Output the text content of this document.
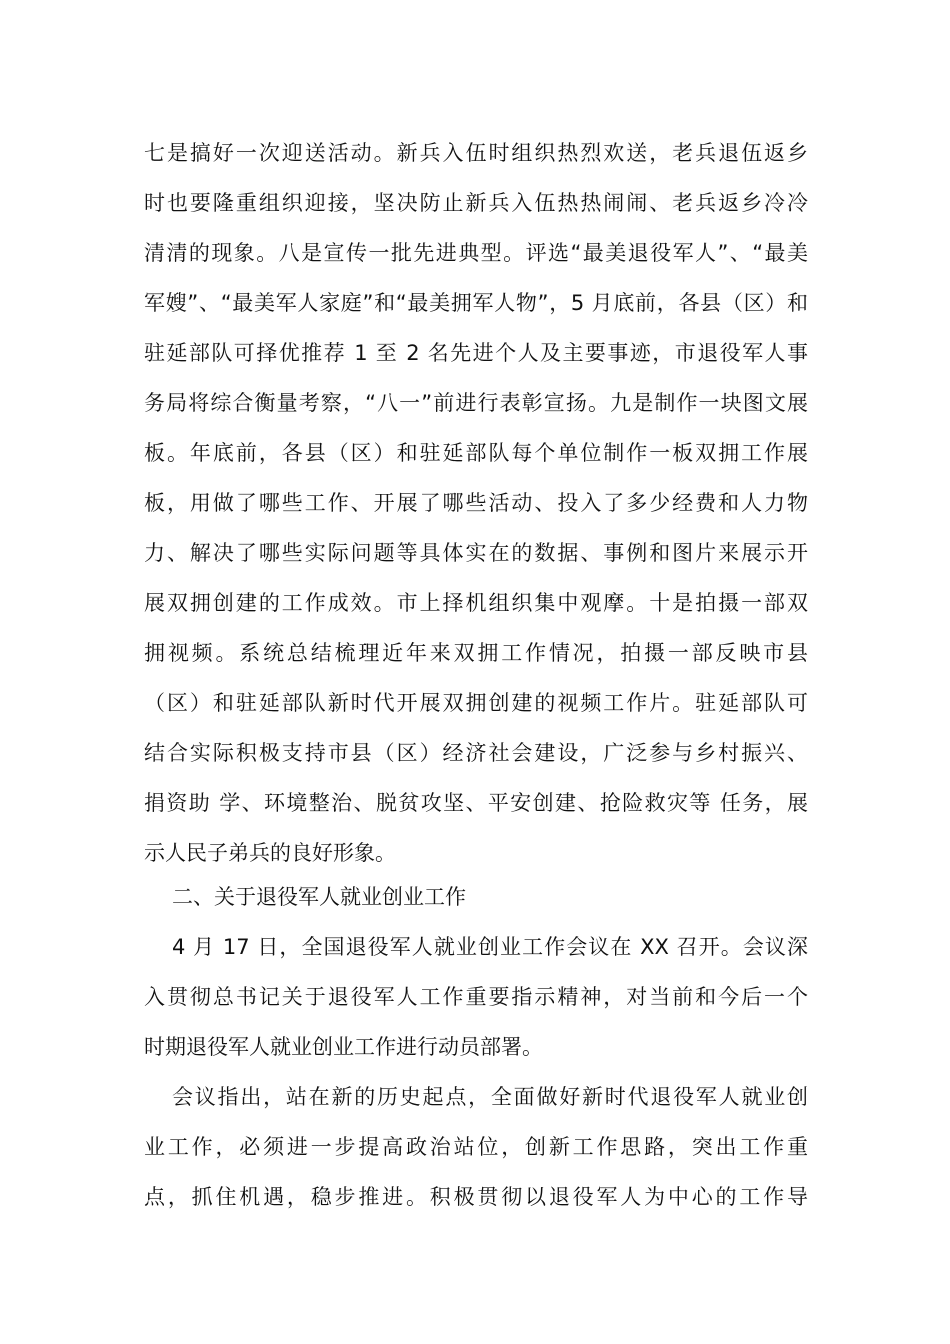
七是搞好一次迎送活动。新兵入伍时组织热烈欢送，老兵退伍返乡
时也要隆重组织迎接，坚决防止新兵入伍热热闹闹、老兵返乡冷冷
清清的现象。八是宣传一批先进典型。评选“最美退役军人”、“最美
军嫂”、“最美军人家庭”和“最美拥军人物”，5 月底前，各县（区）和
驻延部队可择优推荐 1 至 2 名先进个人及主要事迹，市退役军人事
务局将综合衡量考察，“八一”前进行表彰宣扬。九是制作一块图文展
板。年底前，各县（区）和驻延部队每个单位制作一板双拥工作展
板，用做了哪些工作、开展了哪些活动、投入了多少经费和人力物
力、解决了哪些实际问题等具体实在的数据、事例和图片来展示开
展双拥创建的工作成效。市上择机组织集中观摩。十是拍摄一部双
拥视频。系统总结梳理近年来双拥工作情况，拍摄一部反映市县
（区）和驻延部队新时代开展双拥创建的视频工作片。驻延部队可
结合实际积极支持市县（区）经济社会建设，广泛参与乡村振兴、
捐资助 学、环境整治、脱贫攻坚、平安创建、抢险救灾等 任务，展
示人民子弟兵的良好形象。
二、关于退役军人就业创业工作
4 月 17 日，全国退役军人就业创业工作会议在 XX 召开。会议深
入贯彻总书记关于退役军人工作重要指示精神，对当前和今后一个
时期退役军人就业创业工作进行动员部署。
会议指出，站在新的历史起点，全面做好新时代退役军人就业创
业工作，必须进一步提高政治站位，创新工作思路，突出工作重
点，抓住机遇，稳步推进。积极贯彻以退役军人为中心的工作导
